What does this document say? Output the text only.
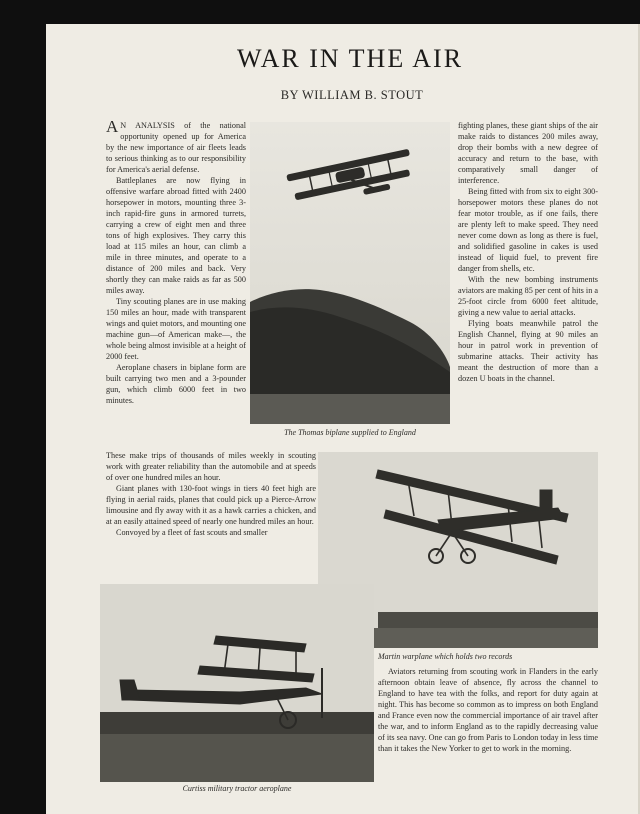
WAR IN THE AIR
BY WILLIAM B. STOUT

A N ANALYSIS of the national opportunity opened up for America by the new importance of air fleets leads to serious thinking as to our responsibility for America's aerial defense.

Battleplanes are now flying in offensive warfare abroad fitted with 2400 horsepower in motors, mounting three 3-inch rapid-fire guns in armored turrets, carrying a crew of eight men and three tons of high explosives. They carry this load at 115 miles an hour, can climb a mile in three minutes, and operate to a distance of 200 miles and back. Very shortly they can make raids as far as 500 miles away.

Tiny scouting planes are in use making 150 miles an hour, made with transparent wings and quiet motors, and mounting one machine gun—of American make—, the whole being almost invisible at a height of 2000 feet.

Aeroplane chasers in biplane form are built carrying two men and a 3-pounder gun, which climb 6000 feet in two minutes.

The Thomas biplane supplied to England

fighting planes, these giant ships of the air make raids to distances 200 miles away, drop their bombs with a new degree of accuracy and return to the base, with comparatively small danger of interference.

Being fitted with from six to eight 300-horsepower motors these planes do not fear motor trouble, as if one fails, there are plenty left to make speed. They need never come down as long as there is fuel, and solidified gasoline in cakes is used instead of liquid fuel, to prevent fire danger from shells, etc.

With the new bombing instruments aviators are making 85 per cent of hits in a 25-foot circle from 6000 feet altitude, giving a new value to aerial attacks.

Flying boats meanwhile patrol the English Channel, flying at 90 miles an hour in patrol work in prevention of submarine attacks. Their activity has meant the destruction of more than a dozen U boats in the channel.

These make trips of thousands of miles weekly in scouting work with greater reliability than the automobile and at speeds of over one hundred miles an hour.

Giant planes with 130-foot wings in tiers 40 feet high are flying in aerial raids, planes that could pick up a Pierce-Arrow limousine and fly away with it as a hawk carries a chicken, and at an easily attained speed of nearly one hundred miles an hour.

Convoyed by a fleet of fast scouts and smaller

Martin warplane which holds two records
Curtiss military tractor aeroplane

Aviators returning from scouting work in Flanders in the early afternoon obtain leave of absence, fly across the channel to England to have tea with the folks, and report for duty again at night. This has become so common as to impress on both England and France even now the commercial importance of air travel after the war, and to inform England as to the rapidly decreasing value of its sea navy. One can go from Paris to London today in less time than it takes the New Yorker to get to work in the morning.
